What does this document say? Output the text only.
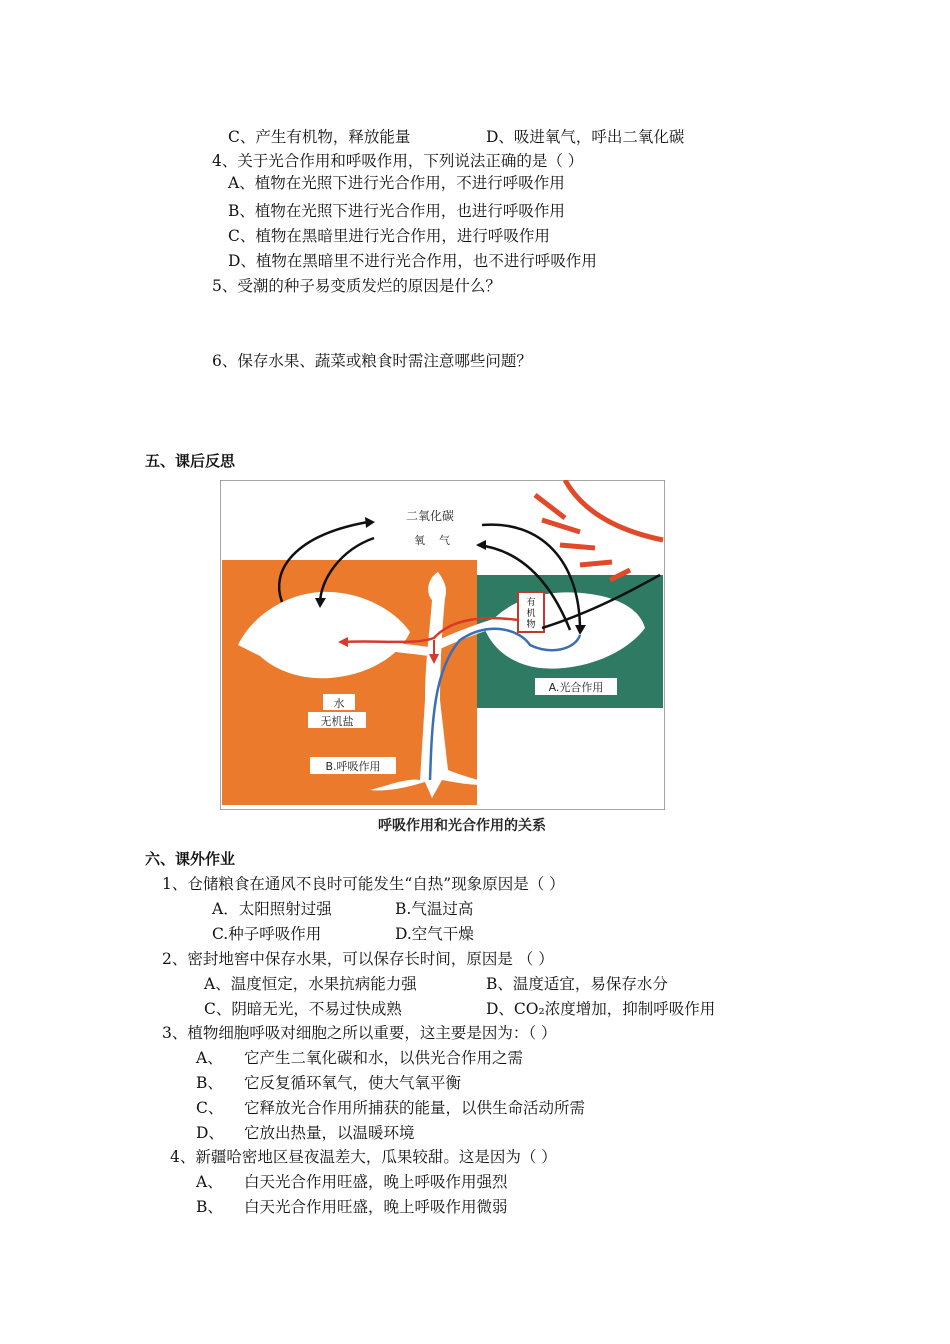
C、产生有机物，释放能量	D、吸进氧气，呼出二氧化碳
4、关于光合作用和呼吸作用，下列说法正确的是（ ）
A、植物在光照下进行光合作用，不进行呼吸作用
B、植物在光照下进行光合作用，也进行呼吸作用
C、植物在黑暗里进行光合作用，进行呼吸作用
D、植物在黑暗里不进行光合作用，也不进行呼吸作用
5、受潮的种子易变质发烂的原因是什么？
6、保存水果、蔬菜或粮食时需注意哪些问题？
五、课后反思
有
机
物
二氧化碳
氧    气
水
无机盐
A.光合作用
B.呼吸作用
呼吸作用和光合作用的关系
六、课外作业
1、仓储粮食在通风不良时可能发生“自热”现象原因是（ ）
A．太阳照射过强	B.气温过高
C.种子呼吸作用	D.空气干燥
2、密封地窖中保存水果，可以保存长时间，原因是 （ ）
A、温度恒定，水果抗病能力强	B、温度适宜，易保存水分
C、阴暗无光，不易过快成熟	D、CO₂浓度增加，抑制呼吸作用
3、植物细胞呼吸对细胞之所以重要，这主要是因为：（ ）
A、 它产生二氧化碳和水，以供光合作用之需
B、 它反复循环氧气，使大气氧平衡
C、 它释放光合作用所捕获的能量，以供生命活动所需
D、 它放出热量，以温暖环境
4、新疆哈密地区昼夜温差大，瓜果较甜。这是因为（ ）
A、 白天光合作用旺盛，晚上呼吸作用强烈
B、 白天光合作用旺盛，晚上呼吸作用微弱
